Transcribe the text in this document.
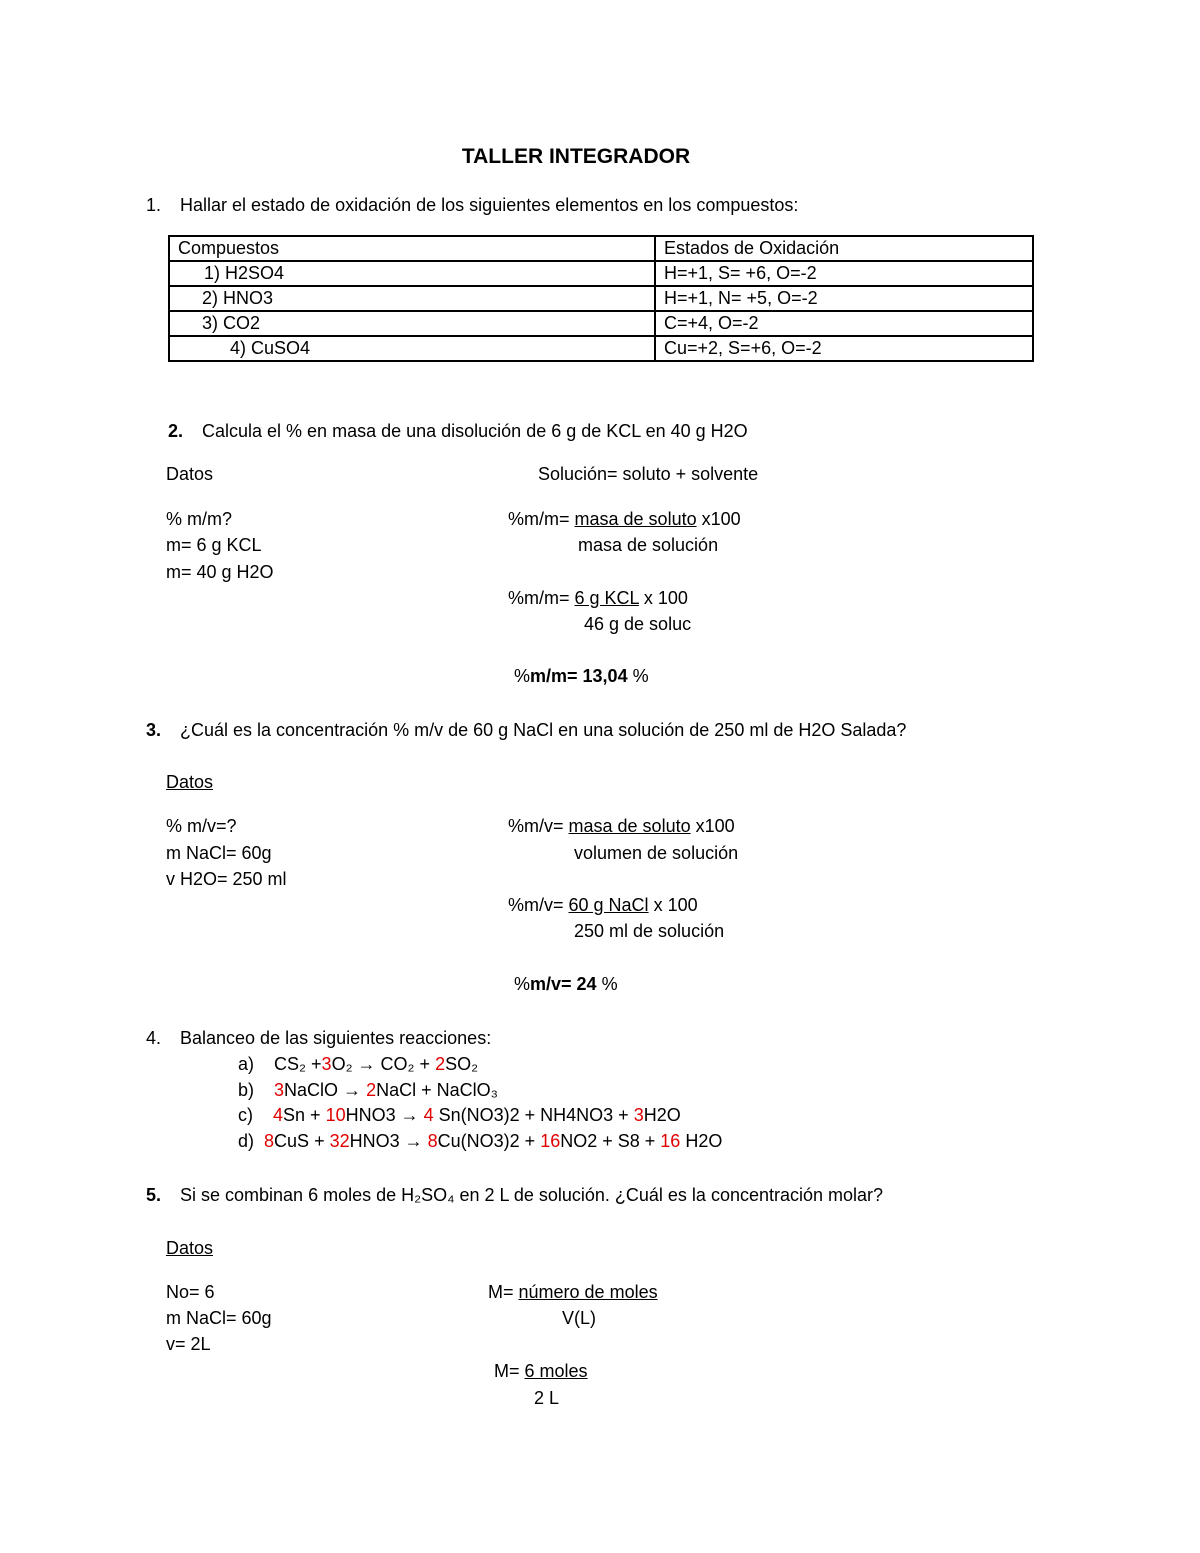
TALLER INTEGRADOR
1. Hallar el estado de oxidación de los siguientes elementos en los compuestos:
Compuestos	Estados de Oxidación
1) H2SO4	H=+1, S= +6, O=-2
2) HNO3	H=+1, N= +5, O=-2
3) CO2	C=+4, O=-2
4) CuSO4	Cu=+2, S=+6, O=-2
2. Calcula el % en masa de una disolución de 6 g de KCL en 40 g H2O
Datos	Solución= soluto + solvente
% m/m?
m= 6 g KCL
m= 40 g H2O
%m/m= masa de soluto x100
masa de solución
%m/m= 6 g KCL x 100
46 g de soluc
%m/m= 13,04 %
3. ¿Cuál es la concentración % m/v de 60 g NaCl en una solución de 250 ml de H2O Salada?
Datos
% m/v=?
m NaCl= 60g
v H2O= 250 ml
%m/v= masa de soluto x100
volumen de solución
%m/v= 60 g NaCl x 100
250 ml de solución
%m/v= 24 %
4. Balanceo de las siguientes reacciones:
a) CS₂ +3O₂ → CO₂ + 2SO₂
b) 3NaClO → 2NaCl + NaClO₃
c) 4Sn + 10HNO3 → 4 Sn(NO3)2 + NH4NO3 + 3H2O
d) 8CuS + 32HNO3 → 8Cu(NO3)2 + 16NO2 + S8 + 16 H2O
5. Si se combinan 6 moles de H₂SO₄ en 2 L de solución. ¿Cuál es la concentración molar?
Datos
No= 6
m NaCl= 60g
v= 2L
M= número de moles
V(L)
M= 6 moles
2 L
